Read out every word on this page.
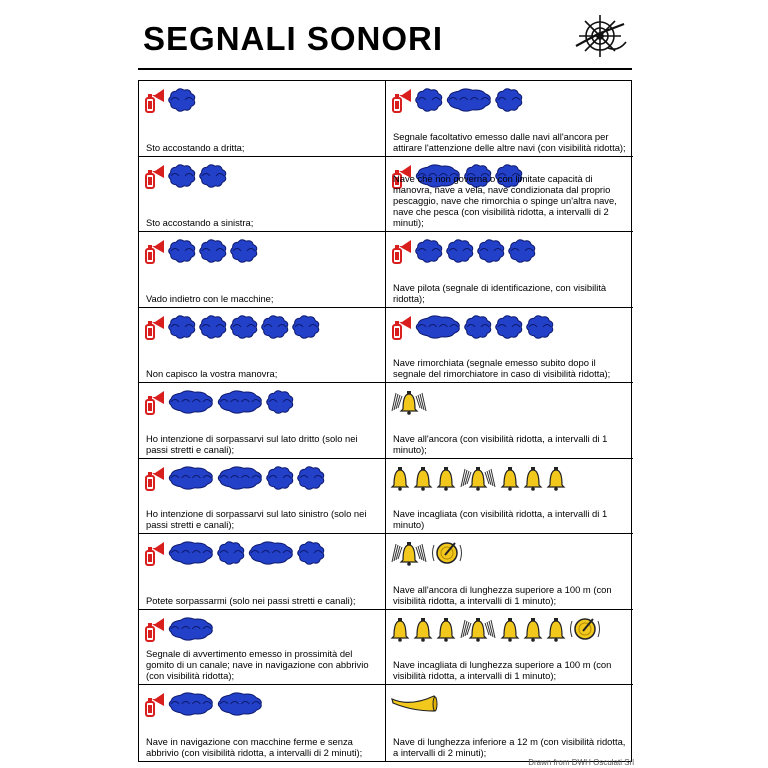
SEGNALI SONORI
Sto accostando a dritta;
Segnale facoltativo emesso dalle navi all'ancora per attirare l'attenzione delle altre navi (con visibilità ridotta);
Sto accostando a sinistra;
Nave che non governa o con limitate capacità di manovra, nave a vela, nave condizionata dal proprio pescaggio, nave che rimorchia o spinge un'altra nave, nave che pesca (con visibilità ridotta, a intervalli di 2 minuti);
Vado indietro con le macchine;
Nave pilota (segnale di identificazione, con visibilità ridotta);
Non capisco la vostra manovra;
Nave rimorchiata (segnale emesso subito dopo il segnale del rimorchiatore in caso di visibilità ridotta);
Ho intenzione di sorpassarvi sul lato dritto (solo nei passi stretti e canali);
Nave all'ancora (con visibilità ridotta, a intervalli di 1 minuto);
Ho intenzione di sorpassarvi sul lato sinistro (solo nei passi stretti e canali);
Nave incagliata (con visibilità ridotta, a intervalli di 1 minuto)
Potete sorpassarmi (solo nei passi stretti e canali);
Nave all'ancora di lunghezza superiore a 100 m (con visibilità ridotta, a intervalli di 1 minuto);
Segnale di avvertimento emesso in prossimità del gomito di un canale; nave in navigazione con abbrivio (con visibilità ridotta);
Nave incagliata di lunghezza superiore a 100 m (con visibilità ridotta, a intervalli di 1 minuto);
Nave in navigazione con macchine ferme e senza abbrivio (con visibilità ridotta, a intervalli di 2 minuti);
Nave di lunghezza inferiore a 12 m (con visibilità ridotta, a intervalli di 2 minuti);
Drawn from DWH Osculati Srl
